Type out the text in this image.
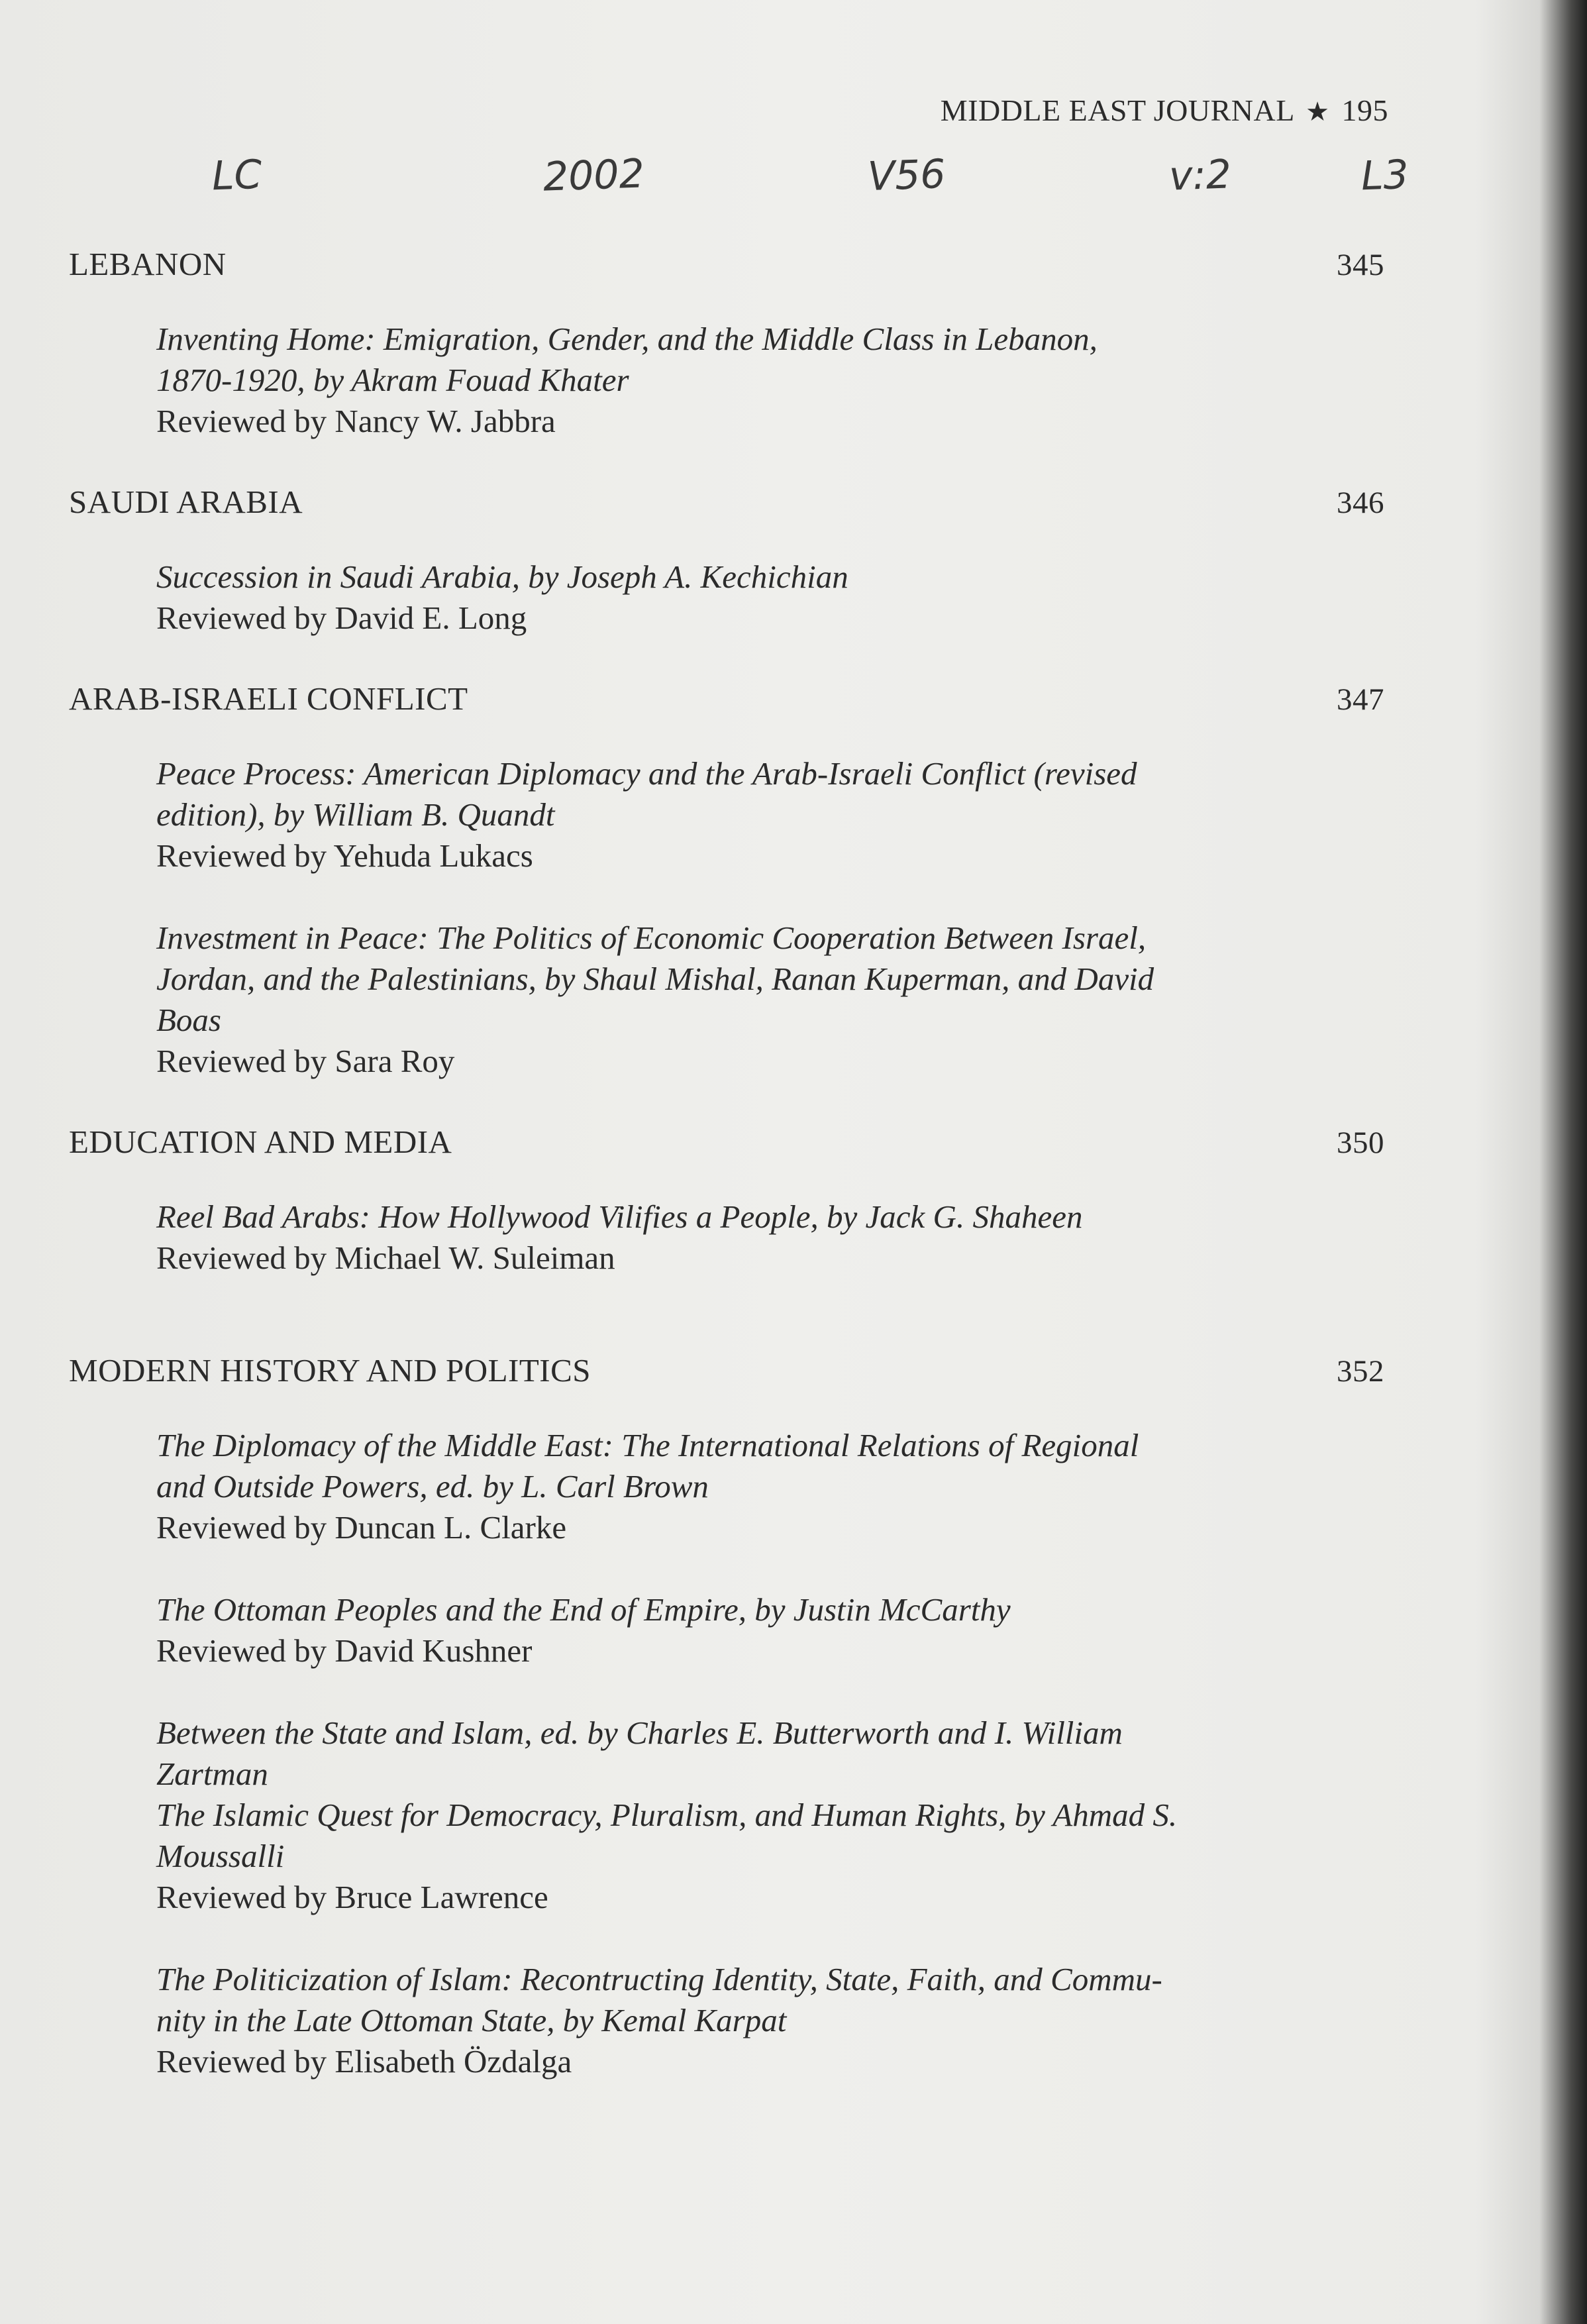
MIDDLE EAST JOURNAL ★ 195
LC	2002	V56	v:2	L3
LEBANON	345
Inventing Home: Emigration, Gender, and the Middle Class in Lebanon,
1870-1920, by Akram Fouad Khater
Reviewed by Nancy W. Jabbra
SAUDI ARABIA	346
Succession in Saudi Arabia, by Joseph A. Kechichian
Reviewed by David E. Long
ARAB-ISRAELI CONFLICT	347
Peace Process: American Diplomacy and the Arab-Israeli Conflict (revised
edition), by William B. Quandt
Reviewed by Yehuda Lukacs
Investment in Peace: The Politics of Economic Cooperation Between Israel,
Jordan, and the Palestinians, by Shaul Mishal, Ranan Kuperman, and David
Boas
Reviewed by Sara Roy
EDUCATION AND MEDIA	350
Reel Bad Arabs: How Hollywood Vilifies a People, by Jack G. Shaheen
Reviewed by Michael W. Suleiman
MODERN HISTORY AND POLITICS	352
The Diplomacy of the Middle East: The International Relations of Regional
and Outside Powers, ed. by L. Carl Brown
Reviewed by Duncan L. Clarke
The Ottoman Peoples and the End of Empire, by Justin McCarthy
Reviewed by David Kushner
Between the State and Islam, ed. by Charles E. Butterworth and I. William
Zartman
The Islamic Quest for Democracy, Pluralism, and Human Rights, by Ahmad S.
Moussalli
Reviewed by Bruce Lawrence
The Politicization of Islam: Recontructing Identity, State, Faith, and Commu-
nity in the Late Ottoman State, by Kemal Karpat
Reviewed by Elisabeth Özdalga
